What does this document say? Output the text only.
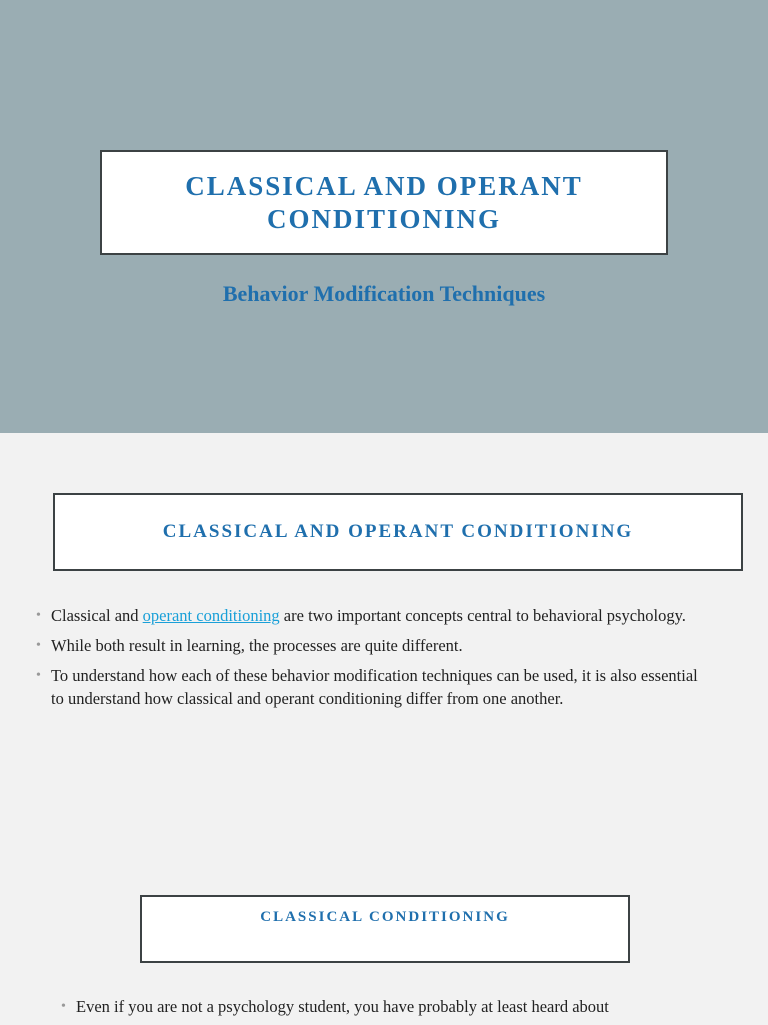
CLASSICAL AND OPERANT
CONDITIONING
Behavior Modification Techniques
CLASSICAL AND OPERANT CONDITIONING
• Classical and operant conditioning are two important concepts central to behavioral psychology.
• While both result in learning, the processes are quite different.
• To understand how each of these behavior modification techniques can be used, it is also essential to understand how classical and operant conditioning differ from one another.
CLASSICAL CONDITIONING
• Even if you are not a psychology student, you have probably at least heard about
